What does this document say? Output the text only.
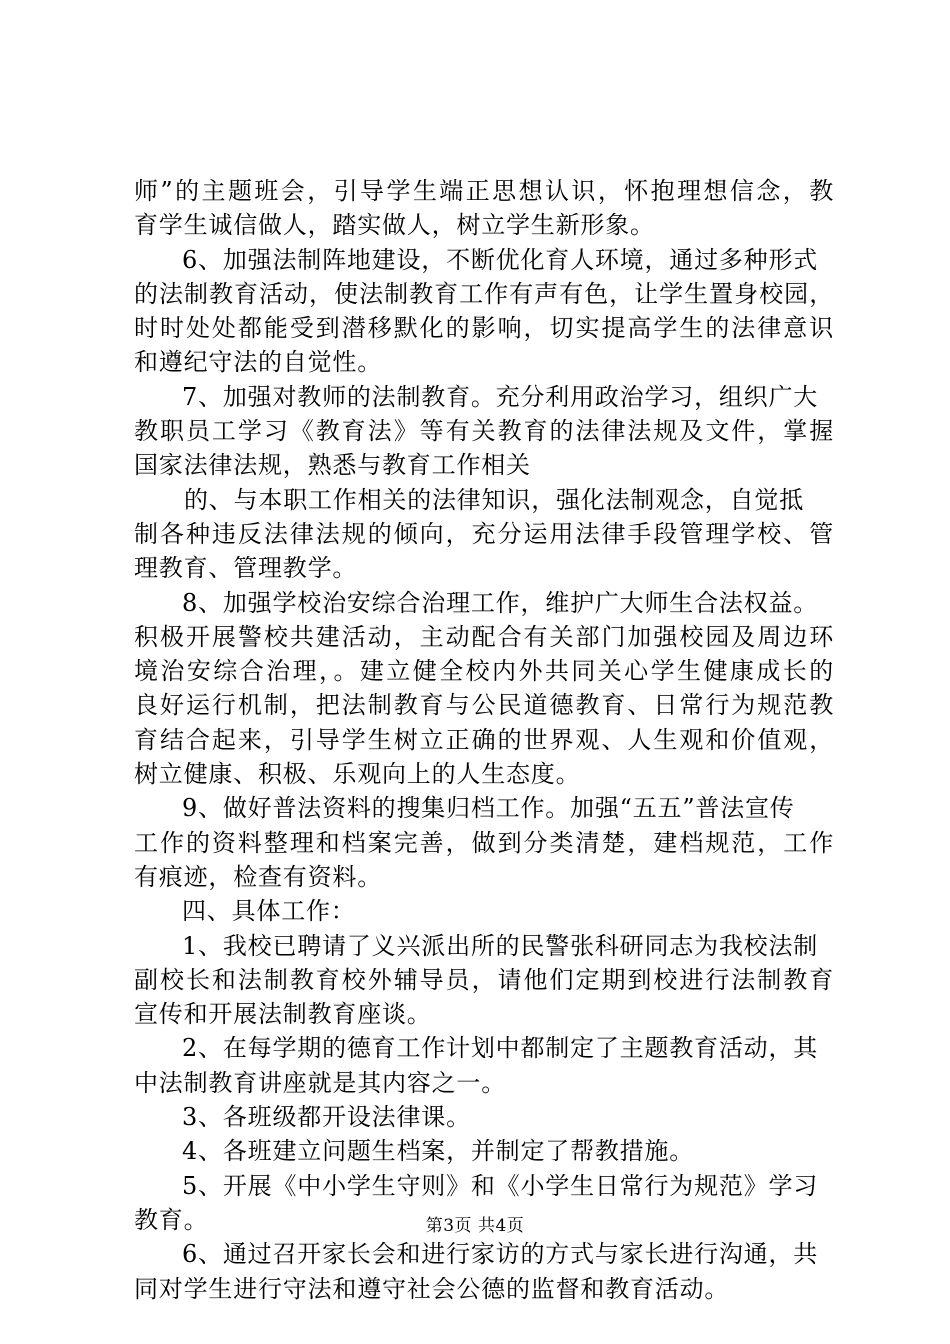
师”的主题班会，引导学生端正思想认识，怀抱理想信念，教
育学生诚信做人，踏实做人，树立学生新形象。
6、加强法制阵地建设，不断优化育人环境，通过多种形式
的法制教育活动，使法制教育工作有声有色，让学生置身校园，
时时处处都能受到潜移默化的影响，切实提高学生的法律意识
和遵纪守法的自觉性。
7、加强对教师的法制教育。充分利用政治学习，组织广大
教职员工学习《教育法》等有关教育的法律法规及文件，掌握
国家法律法规，熟悉与教育工作相关
的、与本职工作相关的法律知识，强化法制观念，自觉抵
制各种违反法律法规的倾向，充分运用法律手段管理学校、管
理教育、管理教学。
8、加强学校治安综合治理工作，维护广大师生合法权益。
积极开展警校共建活动，主动配合有关部门加强校园及周边环
境治安综合治理，。建立健全校内外共同关心学生健康成长的
良好运行机制，把法制教育与公民道德教育、日常行为规范教
育结合起来，引导学生树立正确的世界观、人生观和价值观，
树立健康、积极、乐观向上的人生态度。
9、做好普法资料的搜集归档工作。加强“五五”普法宣传
工作的资料整理和档案完善，做到分类清楚，建档规范，工作
有痕迹，检查有资料。
四、具体工作：
1、我校已聘请了义兴派出所的民警张科研同志为我校法制
副校长和法制教育校外辅导员，请他们定期到校进行法制教育
宣传和开展法制教育座谈。
2、在每学期的德育工作计划中都制定了主题教育活动，其
中法制教育讲座就是其内容之一。
3、各班级都开设法律课。
4、各班建立问题生档案，并制定了帮教措施。
5、开展《中小学生守则》和《小学生日常行为规范》学习
教育。
6、通过召开家长会和进行家访的方式与家长进行沟通，共
同对学生进行守法和遵守社会公德的监督和教育活动。
第3页 共4页
